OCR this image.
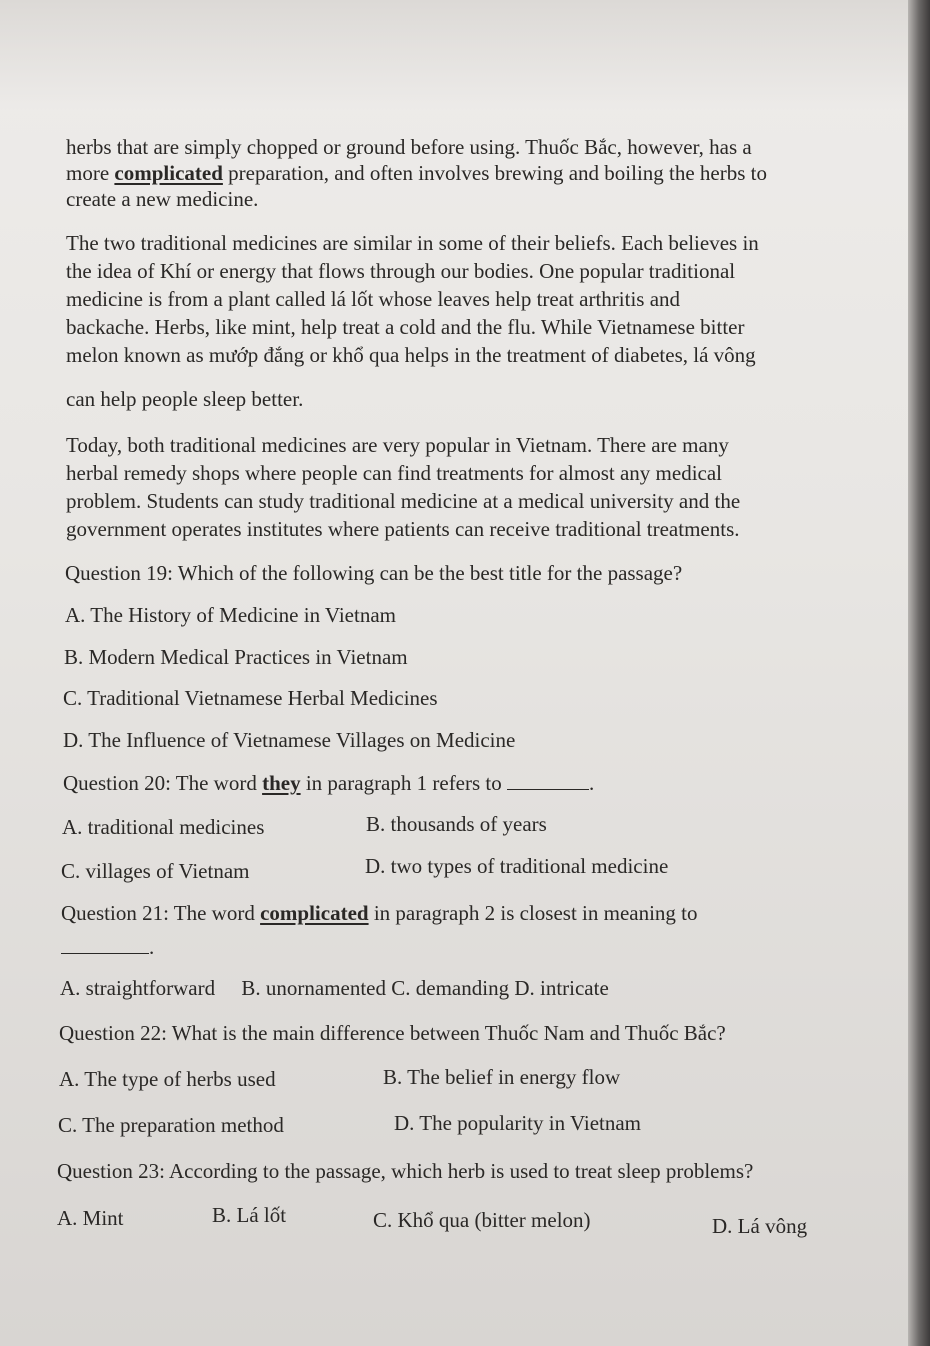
herbs that are simply chopped or ground before using. Thuốc Bắc, however, has a
more complicated preparation, and often involves brewing and boiling the herbs to
create a new medicine.
The two traditional medicines are similar in some of their beliefs. Each believes in
the idea of Khí or energy that flows through our bodies. One popular traditional
medicine is from a plant called lá lốt whose leaves help treat arthritis and
backache. Herbs, like mint, help treat a cold and the flu. While Vietnamese bitter
melon known as mướp đắng or khổ qua helps in the treatment of diabetes, lá vông
can help people sleep better.
Today, both traditional medicines are very popular in Vietnam. There are many
herbal remedy shops where people can find treatments for almost any medical
problem. Students can study traditional medicine at a medical university and the
government operates institutes where patients can receive traditional treatments.
Question 19: Which of the following can be the best title for the passage?
A. The History of Medicine in Vietnam
B. Modern Medical Practices in Vietnam
C. Traditional Vietnamese Herbal Medicines
D. The Influence of Vietnamese Villages on Medicine
Question 20: The word they in paragraph 1 refers to	.
A. traditional medicines	B. thousands of years
C. villages of Vietnam	D. two types of traditional medicine
Question 21: The word complicated in paragraph 2 is closest in meaning to
.
A. straightforward     B. unornamented C. demanding D. intricate
Question 22: What is the main difference between Thuốc Nam and Thuốc Bắc?
A. The type of herbs used	B. The belief in energy flow
C. The preparation method	D. The popularity in Vietnam
Question 23: According to the passage, which herb is used to treat sleep problems?
A. Mint	B. Lá lốt	C. Khổ qua (bitter melon)	D. Lá vông
